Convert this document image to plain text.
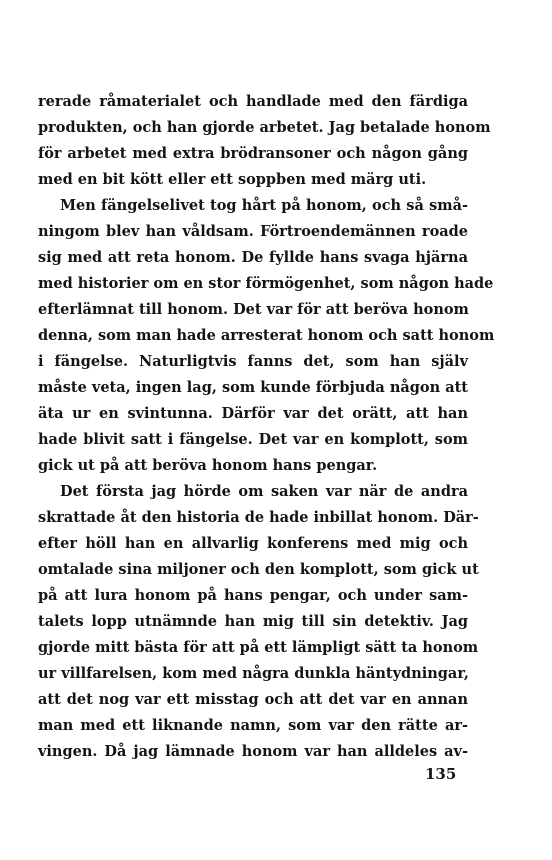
rerade råmaterialet och handlade med den färdiga
produkten, och han gjorde arbetet. Jag betalade honom
för arbetet med extra brödransoner och någon gång
med en bit kött eller ett soppben med märg uti.
Men fängelselivet tog hårt på honom, och så små-
ningom blev han våldsam. Förtroendemännen roade
sig med att reta honom. De fyllde hans svaga hjärna
med historier om en stor förmögenhet, som någon hade
efterlämnat till honom. Det var för att beröva honom
denna, som man hade arresterat honom och satt honom
i fängelse. Naturligtvis fanns det, som han själv
måste veta, ingen lag, som kunde förbjuda någon att
äta ur en svintunna. Därför var det orätt, att han
hade blivit satt i fängelse. Det var en komplott, som
gick ut på att beröva honom hans pengar.
Det första jag hörde om saken var när de andra
skrattade åt den historia de hade inbillat honom. Där-
efter höll han en allvarlig konferens med mig och
omtalade sina miljoner och den komplott, som gick ut
på att lura honom på hans pengar, och under sam-
talets lopp utnämnde han mig till sin detektiv. Jag
gjorde mitt bästa för att på ett lämpligt sätt ta honom
ur villfarelsen, kom med några dunkla häntydningar,
att det nog var ett misstag och att det var en annan
man med ett liknande namn, som var den rätte ar-
vingen. Då jag lämnade honom var han alldeles av-
135
